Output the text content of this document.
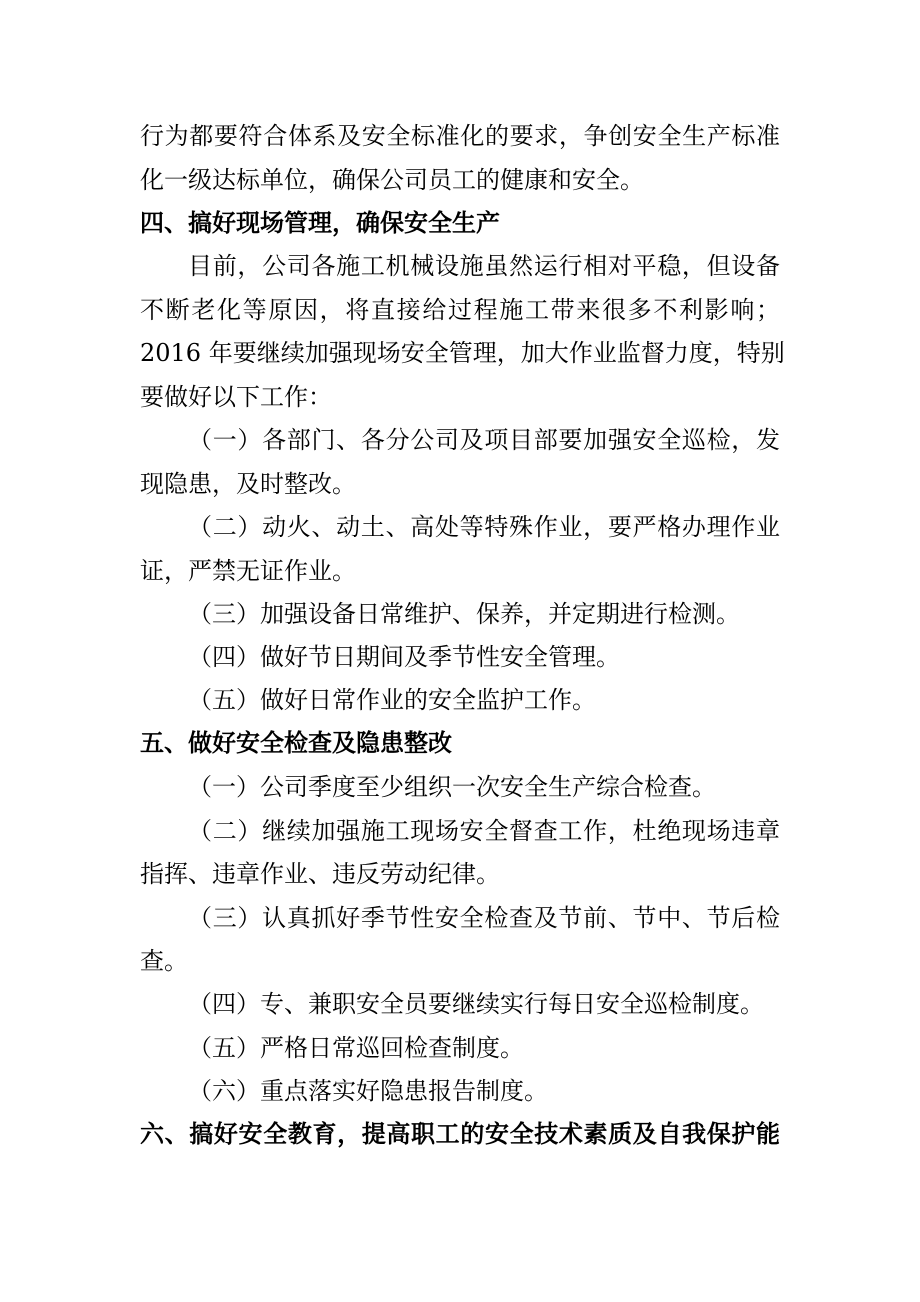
行为都要符合体系及安全标准化的要求，争创安全生产标准
化一级达标单位，确保公司员工的健康和安全。
四、搞好现场管理，确保安全生产
目前，公司各施工机械设施虽然运行相对平稳，但设备
不断老化等原因，将直接给过程施工带来很多不利影响；
2016 年要继续加强现场安全管理，加大作业监督力度，特别
要做好以下工作：
（一）各部门、各分公司及项目部要加强安全巡检，发
现隐患，及时整改。
（二）动火、动土、高处等特殊作业，要严格办理作业
证，严禁无证作业。
（三）加强设备日常维护、保养，并定期进行检测。
（四）做好节日期间及季节性安全管理。
（五）做好日常作业的安全监护工作。
五、做好安全检查及隐患整改
（一）公司季度至少组织一次安全生产综合检查。
（二）继续加强施工现场安全督查工作，杜绝现场违章
指挥、违章作业、违反劳动纪律。
（三）认真抓好季节性安全检查及节前、节中、节后检
查。
（四）专、兼职安全员要继续实行每日安全巡检制度。
（五）严格日常巡回检查制度。
（六）重点落实好隐患报告制度。
六、搞好安全教育，提高职工的安全技术素质及自我保护能
